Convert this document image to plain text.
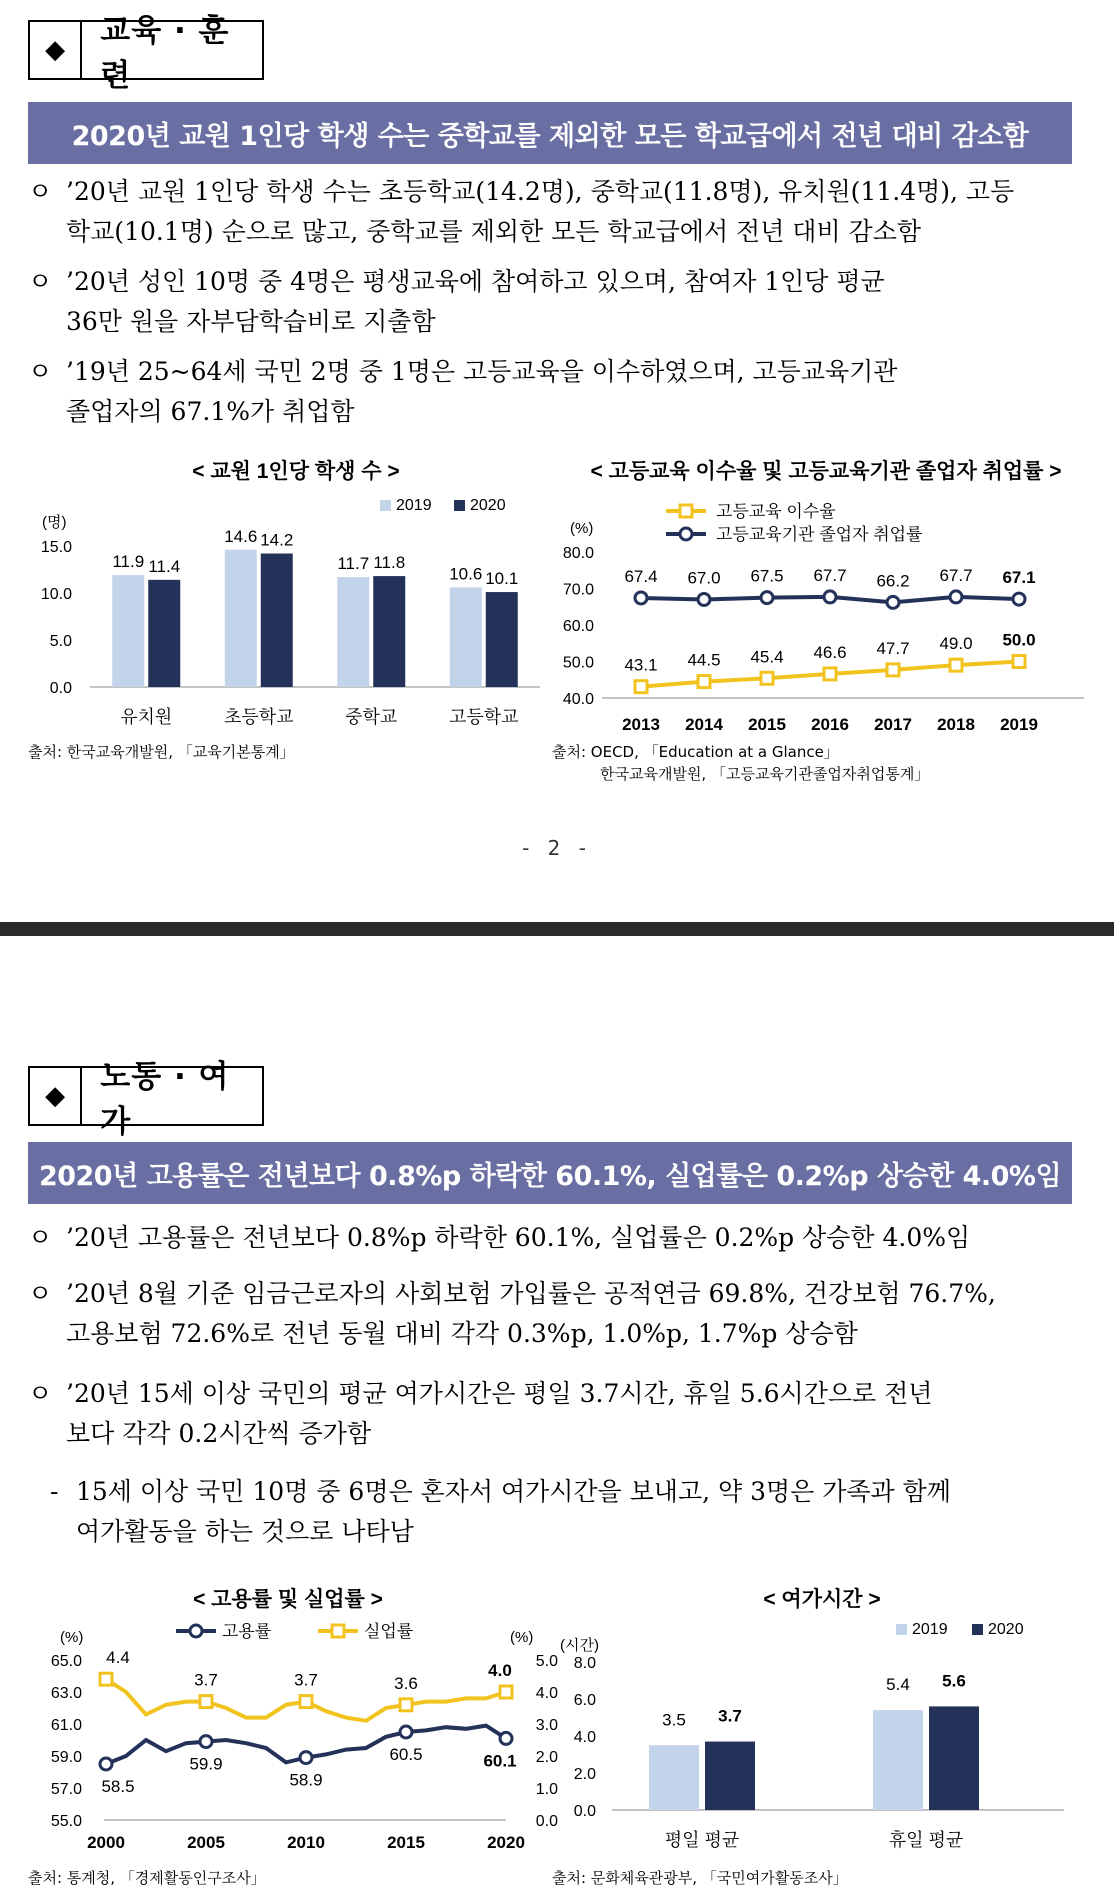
◆
교육 · 훈련
2020년 교원 1인당 학생 수는 중학교를 제외한 모든 학교급에서 전년 대비 감소함
ㅇ ’20년 교원 1인당 학생 수는 초등학교(14.2명), 중학교(11.8명), 유치원(11.4명), 고등
학교(10.1명) 순으로 많고, 중학교를 제외한 모든 학교급에서 전년 대비 감소함
ㅇ ’20년 성인 10명 중 4명은 평생교육에 참여하고 있으며, 참여자 1인당 평균
36만 원을 자부담학습비로 지출함
ㅇ ’19년 25~64세 국민 2명 중 1명은 고등교육을 이수하였으며, 고등교육기관
졸업자의 67.1%가 취업함
< 교원 1인당 학생 수 >
2019 2020
(명)
0.0
5.0
10.0
15.0
유치원
11.9 11.4
초등학교
14.6 14.2
중학교
11.7 11.8
고등학교
10.6 10.1
< 고등교육 이수율 및 고등교육기관 졸업자 취업률 >
고등교육 이수율
고등교육기관 졸업자 취업률
(%)
40.0
50.0
60.0
70.0
80.0
2013 2014 2015 2016 2017 2018 2019
43.1 44.5 45.4 46.6 47.7 49.0 50.0
67.4 67.0 67.5 67.7 66.2 67.7 67.1
출처: 한국교육개발원, 「교육기본통계」	출처: OECD, 「Education at a Glance」
한국교육개발원, 「고등교육기관졸업자취업통계」
- 2 -
◆
노동 · 여가
2020년 고용률은 전년보다 0.8%p 하락한 60.1%, 실업률은 0.2%p 상승한 4.0%임
ㅇ ’20년 고용률은 전년보다 0.8%p 하락한 60.1%, 실업률은 0.2%p 상승한 4.0%임
ㅇ ’20년 8월 기준 임금근로자의 사회보험 가입률은 공적연금 69.8%, 건강보험 76.7%,
고용보험 72.6%로 전년 동월 대비 각각 0.3%p, 1.0%p, 1.7%p 상승함
ㅇ ’20년 15세 이상 국민의 평균 여가시간은 평일 3.7시간, 휴일 5.6시간으로 전년
보다 각각 0.2시간씩 증가함
- 15세 이상 국민 10명 중 6명은 혼자서 여가시간을 보내고, 약 3명은 가족과 함께
여가활동을 하는 것으로 나타남
< 고용률 및 실업률 >
고용률	실업률
(%)	(%)
55.0
57.0
59.0
61.0
63.0
65.0
0.0
1.0
2.0
3.0
4.0
5.0
2000	2005	2010	2015	2020
58.5
59.9
58.9
60.5	60.1
4.4
3.7	3.7	3.6
4.0
< 여가시간 >
2019	2020
(시간)
0.0
2.0
4.0
6.0
8.0
평일 평균
3.5 3.7
휴일 평균
5.4 5.6
출처: 통계청, 「경제활동인구조사」	출처: 문화체육관광부, 「국민여가활동조사」
